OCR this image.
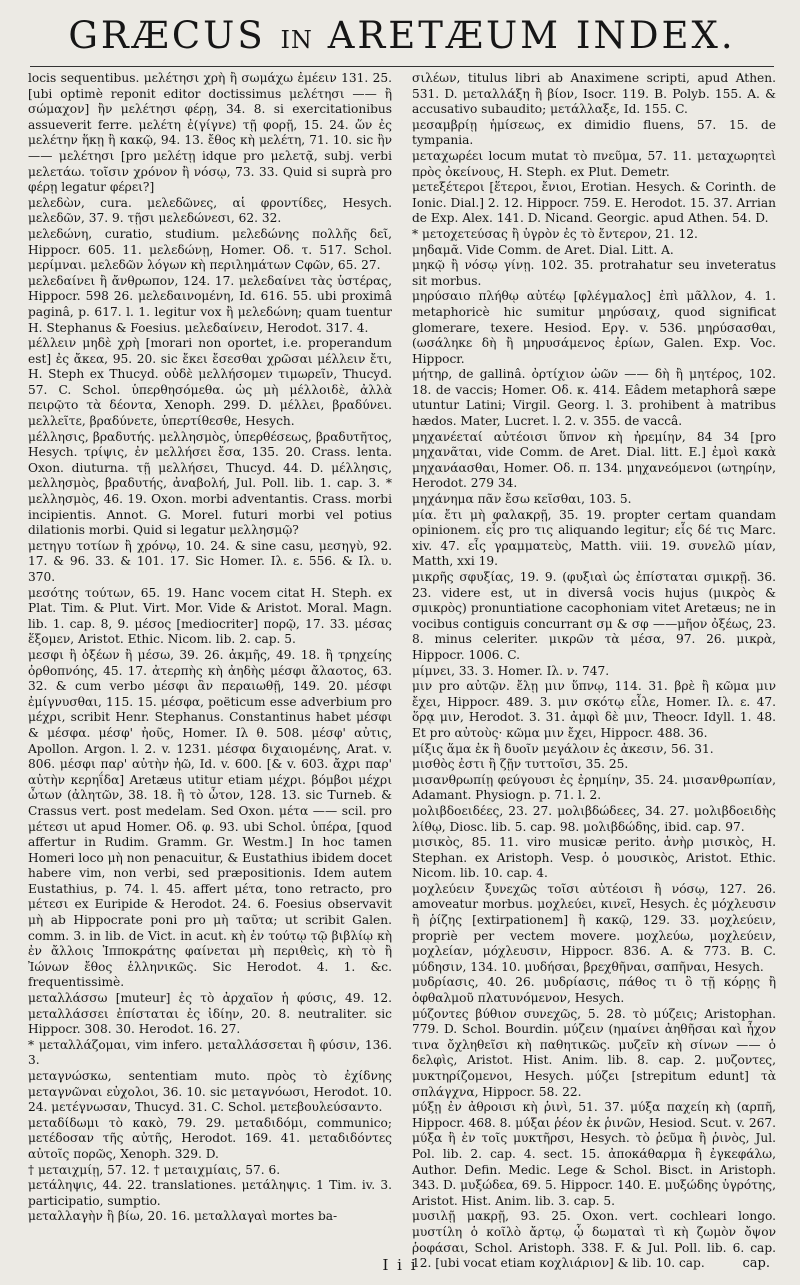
GRÆCUS IN ARETÆUM INDEX.

locis sequentibus. μελέτησι χρὴ ἢ σωμάχω ἐμέειν 131. 25. [ubi optimè reponit editor doctissimus μελέτησι —— ἢ σώμαχον] ἢν μελέτησι φέρῃ, 34. 8. si exercitationibus assueverit ferre. μελέτη ἐ(γίγνε) τῇ φορῇ, 15. 24. ὥν ἐς μελέτην ἥκῃ ἢ κακῷ, 94. 13. ἔθος κὴ μελέτη, 71. 10. sic ἢν —— μελέτησι [pro μελέτῃ idque pro μελετᾷ, subj. verbi μελετάω. τοῖσιν χρόνον ἢ νόσῳ, 73. 33. Quid si suprà pro φέρῃ legatur φέρει?]

μελεδὼν, cura. μελεδῶνες, αἱ φροντίδες, Hesych. μελεδῶν, 37. 9. τῇσι μελεδώνεσι, 62. 32.

μελεδώνη, curatio, studium. μελεδώνης πολλῆς δεῖ, Hippocr. 605. 11. μελεδώνῃ, Homer. Οδ. τ. 517. Schol. μερίμναι. μελεδῶν λόγων κὴ περιλημάτων Cφῶν, 65. 27.

μελεδαίνει ἢ ἄνθρωπον, 124. 17. μελεδαίνει τὰς ὑστέρας, Hippocr. 598 26. μελεδαινομένη, Id. 616. 55. ubi proximâ paginâ, p. 617. l. 1. legitur vox ἢ μελεδώνη; quam tuentur H. Stephanus & Foesius. μελεδαίνειν, Herodot. 317. 4.

μέλλειν μηδὲ χρὴ [morari non oportet, i.e. properandum est] ἐς ἄκεα, 95. 20. sic ἔκει ἔσεσθαι χρῶσαι μέλλειν ἔτι, H. Steph ex Thucyd. οὐδὲ μελλήσομεν τιμωρεῖν, Thucyd. 57. C. Schol. ὑπερθησόμεθα. ὡς μὴ μέλλοιδὲ, ἀλλὰ πειρῷτο τὰ δέοντα, Xenoph. 299. D. μέλλει, βραδύνει. μελλεῖτε, βραδύνετε, ὑπερτίθεσθε, Hesych.

μέλλησις, βραδυτής. μελλησμὸς, ὑπερθέσεως, βραδυτῆτος, Hesych. τρίψις, ἐν μελλήσει ἔσα, 135. 20. Crass. lenta. Oxon. diuturna. τῇ μελλήσει, Thucyd. 44. D. μέλλησις, μελλησμὸς, βραδυτής, ἀναβολή, Jul. Poll. lib. 1. cap. 3. * μελλησμὸς, 46. 19. Oxon. morbi adventantis. Crass. morbi incipientis. Annot. G. Morel. futuri morbi vel potius dilationis morbi. Quid si legatur μελλησμῷ?

μετηγυ τοτίων ἢ χρόνῳ, 10. 24. & sine casu, μεσηγὺ, 92. 17. & 96. 33. & 101. 17. Sic Homer. Ιλ. ε. 556. & Ιλ. υ. 370.

μεσότης τούτων, 65. 19. Hanc vocem citat H. Steph. ex Plat. Tim. & Plut. Virt. Mor. Vide & Aristot. Moral. Magn. lib. 1. cap. 8, 9. μέσος [mediocriter] πορῷ, 17. 33. μέσας ἕξομεν, Aristot. Ethic. Nicom. lib. 2. cap. 5.

μεσφι ἢ ὀξέων ἢ μέσω, 39. 26. ἀκμῆς, 49. 18. ἢ τρηχείης ὀρθοπνόης, 45. 17. ἀτερπὴς κὴ ἀηδὴς μέσφι ἄλαοτος, 63. 32. & cum verbo μέσφι ἂν περαιωθῇ, 149. 20. μέσφι ἐμίγνυσθαι, 115. 15. μέσφα, poëticum esse adverbium pro μέχρι, scribit Henr. Stephanus. Constantinus habet μέσφι & μέσφα. μέσφ' ἠοῦς, Homer. Ιλ θ. 508. μέσφ' αὐτις, Apollon. Argon. l. 2. v. 1231. μέσφα διχαιομένης, Arat. v. 806. μέσφι παρ' αὐτὴν ἠῶ, Id. v. 600. [& v. 603. ἄχρι παρ' αὐτὴν κερηΐδα] Aretæus utitur etiam μέχρι. βόμβοι μέχρι ὦτων (ἀλητῶν, 38. 18. ἢ τὸ ὦτον, 128. 13. sic Turneb. & Crassus vert. post medelam. Sed Oxon. μέτα —— scil. pro μέτεσι ut apud Homer. Οδ. φ. 93. ubi Schol. ὑπέρα, [quod affertur in Rudim. Gramm. Gr. Westm.] In hoc tamen Homeri loco μὴ non penacuitur, & Eustathius ibidem docet habere vim, non verbi, sed præpositionis. Idem autem Eustathius, p. 74. l. 45. affert μέτα, tono retracto, pro μέτεσι ex Euripide & Herodot. 24. 6. Foesius observavit μὴ ab Hippocrate poni pro μὴ ταῦτα; ut scribit Galen. comm. 3. in lib. de Vict. in acut. κὴ ἐν τούτῳ τῷ βιβλίῳ κὴ ἐν ἄλλοις Ἱπποκράτης φαίνεται μὴ περιθεὶς, κὴ τὸ ἢ Ἰώνων ἔθος ἑλληνικῶς. Sic Herodot. 4. 1. &c. frequentissimè.

μεταλλάσσω [muteur] ἐς τὸ ἀρχαῖον ἡ φύσις, 49. 12. μεταλλάσσει ἐπίσταται ἐς ἰδίην, 20. 8. neutraliter. sic Hippocr. 308. 30. Herodot. 16. 27.

* μεταλλάζομαι, vim infero. μεταλλάσσεται ἢ φύσιν, 136. 3.

μεταγνώσκω, sententiam muto. πρὸς τὸ ἐχίδνης μεταγνῶναι εὐχολοι, 36. 10. sic μεταγνόωσι, Herodot. 10. 24. μετέγνωσαν, Thucyd. 31. C. Schol. μετεβουλεύσαντο.

μεταδίδωμι τὸ κακὸ, 79. 29. μεταδιδόμι, communico; μετέδοσαν τῆς αὐτῆς, Herodot. 169. 41. μεταδιδόντες αὐτοῖς πορῶς, Xenoph. 329. D.

† μεταιχμίῃ, 57. 12. † μεταιχμίαις, 57. 6.

μετάληψις, 44. 22. translationes. μετάληψις. 1 Tim. iv. 3. participatio, sumptio.

μεταλλαγὴν ἢ βίω, 20. 16. μεταλλαγαὶ mortes ba-

σιλέων, titulus libri ab Anaximene scripti, apud Athen. 531. D. μεταλλάξη ἢ βίον, Isocr. 119. B. Polyb. 155. A. & accusativo subaudito; μετάλλαξε, Id. 155. C.

μεσαμβρίῃ ἡμίσεως, ex dimidio fluens, 57. 15. de tympania.

μεταχωρέει locum mutat τὸ πνεῦμα, 57. 11. μεταχωρητεὶ πρὸς ὀκείνους, H. Steph. ex Plut. Demetr.

μετεξέτεροι [ἕτεροι, ἔνιοι, Erotian. Hesych. & Corinth. de Ionic. Dial.] 2. 12. Hippocr. 759. E. Herodot. 15. 37. Arrian de Exp. Alex. 141. D. Nicand. Georgic. apud Athen. 54. D.

* μετοχετεύσας ἢ ὑγρὸν ἐς τὸ ἔντερον, 21. 12.

μηδαμᾶ. Vide Comm. de Aret. Dial. Litt. A.

μηκῷ ἢ νόσῳ γίνῃ. 102. 35. protrahatur seu inveteratus sit morbus.

μηρύσαιο πλήθῳ αὐτέῳ [φλέγμαλος] ἐπὶ μᾶλλον, 4. 1. metaphoricè hic sumitur μηρύσαιχ, quod significat glomerare, texere. Hesiod. Εργ. v. 536. μηρύσασθαι, (ωσάληκε δὴ ἢ μηρυσάμενος ἐρίων, Galen. Exp. Voc. Hippocr.

μήτηρ, de gallinâ. ὀρτίχιον ὠῶν —— δὴ ἢ μητέρος, 102. 18. de vaccis; Homer. Οδ. κ. 414. Eâdem metaphorâ sæpe utuntur Latini; Virgil. Georg. l. 3. prohibent à matribus hædos. Mater, Lucret. l. 2. v. 355. de vaccâ.

μηχανέεταί αὐτέοισι ὕπνον κὴ ἠρεμίην, 84 34 [pro μηχανᾶται, vide Comm. de Aret. Dial. litt. E.] ἐμοὶ κακὰ μηχανάασθαι, Homer. Οδ. π. 134. μηχανεόμενοι (ωτηρίην, Herodot. 279 34.

μηχάνημα πᾶν ἔσω κεῖσθαι, 103. 5.

μία. ἔτι μὴ φαλακρῇ, 35. 19. propter certam quandam opinionem. εἷς pro τις aliquando legitur; εἷς δέ τις Marc. xiv. 47. εἷς γραμματεὺς, Matth. viii. 19. συνελῶ μίαν, Matth, xxi 19.

μικρῆς σφυξίας, 19. 9. (φυξιαὶ ὡς ἐπίσταται σμικρῇ. 36. 23. videre est, ut in diversâ vocis hujus (μικρὸς & σμικρὸς) pronuntiatione cacophoniam vitet Aretæus; ne in vocibus contiguis concurrant σμ & σφ ——μῆον ὀξέως, 23. 8. minus celeriter. μικρῶν τὰ μέσα, 97. 26. μικρὰ, Hippocr. 1006. C.

μίμνει, 33. 3. Homer. Ιλ. ν. 747.

μιν pro αὐτῷν. ἔλῃ μιν ὕπνῳ, 114. 31. βρὲ ἢ κῶμα μιν ἔχει, Hippocr. 489. 3. μιν σκότῳ εἶλε, Homer. Ιλ. ε. 47. ὅρᾳ μιν, Herodot. 3. 31. ἀμφὶ δὲ μιν, Theocr. Idyll. 1. 48. Et pro αὐτοὺς· κῶμα μιν ἔχει, Hippocr. 488. 36.

μίξις ἅμα ἐκ ἢ δυοῖν μεγάλοιν ἐς ἀκεσιν, 56. 31.

μισθὸς ἐστι ἢ ζῇν τυττοῖσι, 35. 25.

μισανθρωπίῃ φεύγουσι ἐς ἐρημίην, 35. 24. μισανθρωπίαν, Adamant. Physiogn. p. 71. l. 2.

μολιβδοειδέες, 23. 27. μολιβδώδεες, 34. 27. μολιβδοειδὴς λίθῳ, Diosc. lib. 5. cap. 98. μολιβδώδης, ibid. cap. 97.

μισικὸς, 85. 11. viro musicæ perito. ἀνὴρ μισικὸς, H. Stephan. ex Aristoph. Vesp. ὁ μουσικὸς, Aristot. Ethic. Nicom. lib. 10. cap. 4.

μοχλεύειν ξυνεχῶς τοῖσι αὐτέοισι ἢ νόσῳ, 127. 26. amoveatur morbus. μοχλεύει, κινεῖ, Hesych. ἐς μόχλευσιν ἢ ῥίζης [extirpationem] ἢ κακῷ, 129. 33. μοχλεύειν, propriè per vectem movere. μοχλεύω, μοχλεύειν, μοχλείαν, μόχλευσιν, Hippocr. 836. A. & 773. B. C. μύδησιν, 134. 10. μυδήσαι, βρεχθῆναι, σαπῆναι, Hesych.

μυδρίασις, 40. 26. μυδρίασις, πάθος τι ὃ τῇ κόρῃς ἢ ὀφθαλμοῦ πλατυνόμενον, Hesych.

μύζοντες βύθιον συνεχῶς, 5. 28. τὸ μύζεις; Aristophan. 779. D. Schol. Bourdin. μύζειν (ημαίνει ἀηθῆσαι καὶ ἦχον τινα ὄχληθεῖσι κὴ παθητικῶς. μυζεῖν κὴ σίνων —— ὁ δελφὶς, Aristot. Hist. Anim. lib. 8. cap. 2. μυζοντες, μυκτηρίζομενοι, Hesych. μύζει [strepitum edunt] τὰ σπλάγχνα, Hippocr. 58. 22.

μύξῃ ἐν ἀθροισι κὴ ῥινὶ, 51. 37. μύξα παχείη κὴ (αρπῆ, Hippocr. 468. 8. μύξαι ῥέον ἐκ ῥινῶν, Hesiod. Scut. v. 267. μύξα ἢ ἐν τοῖς μυκτῆρσι, Hesych. τὸ ῥεῦμα ἢ ῥινὸς, Jul. Pol. lib. 2. cap. 4. sect. 15. ἀποκάθαρμα ἢ ἐγκεφάλω, Author. Defin. Medic. Lege & Schol. Bisct. in Aristoph. 343. D. μυξώδεα, 69. 5. Hippocr. 140. E. μυξώδης ὑγρότης, Aristot. Hist. Anim. lib. 3. cap. 5.

μυσιλῇ μακρῇ, 93. 25. Oxon. vert. cochleari longo. μυστίλη ὁ κοῖλὸ ἄρτῳ, ᾧ δωματαὶ τὶ κὴ ζωμὸν ὄψον ῥοφάσαι, Schol. Aristoph. 338. F. & Jul. Poll. lib. 6. cap. 12. [ubi vocat etiam κοχλιάριον] & lib. 10. cap.

I i i	cap.
